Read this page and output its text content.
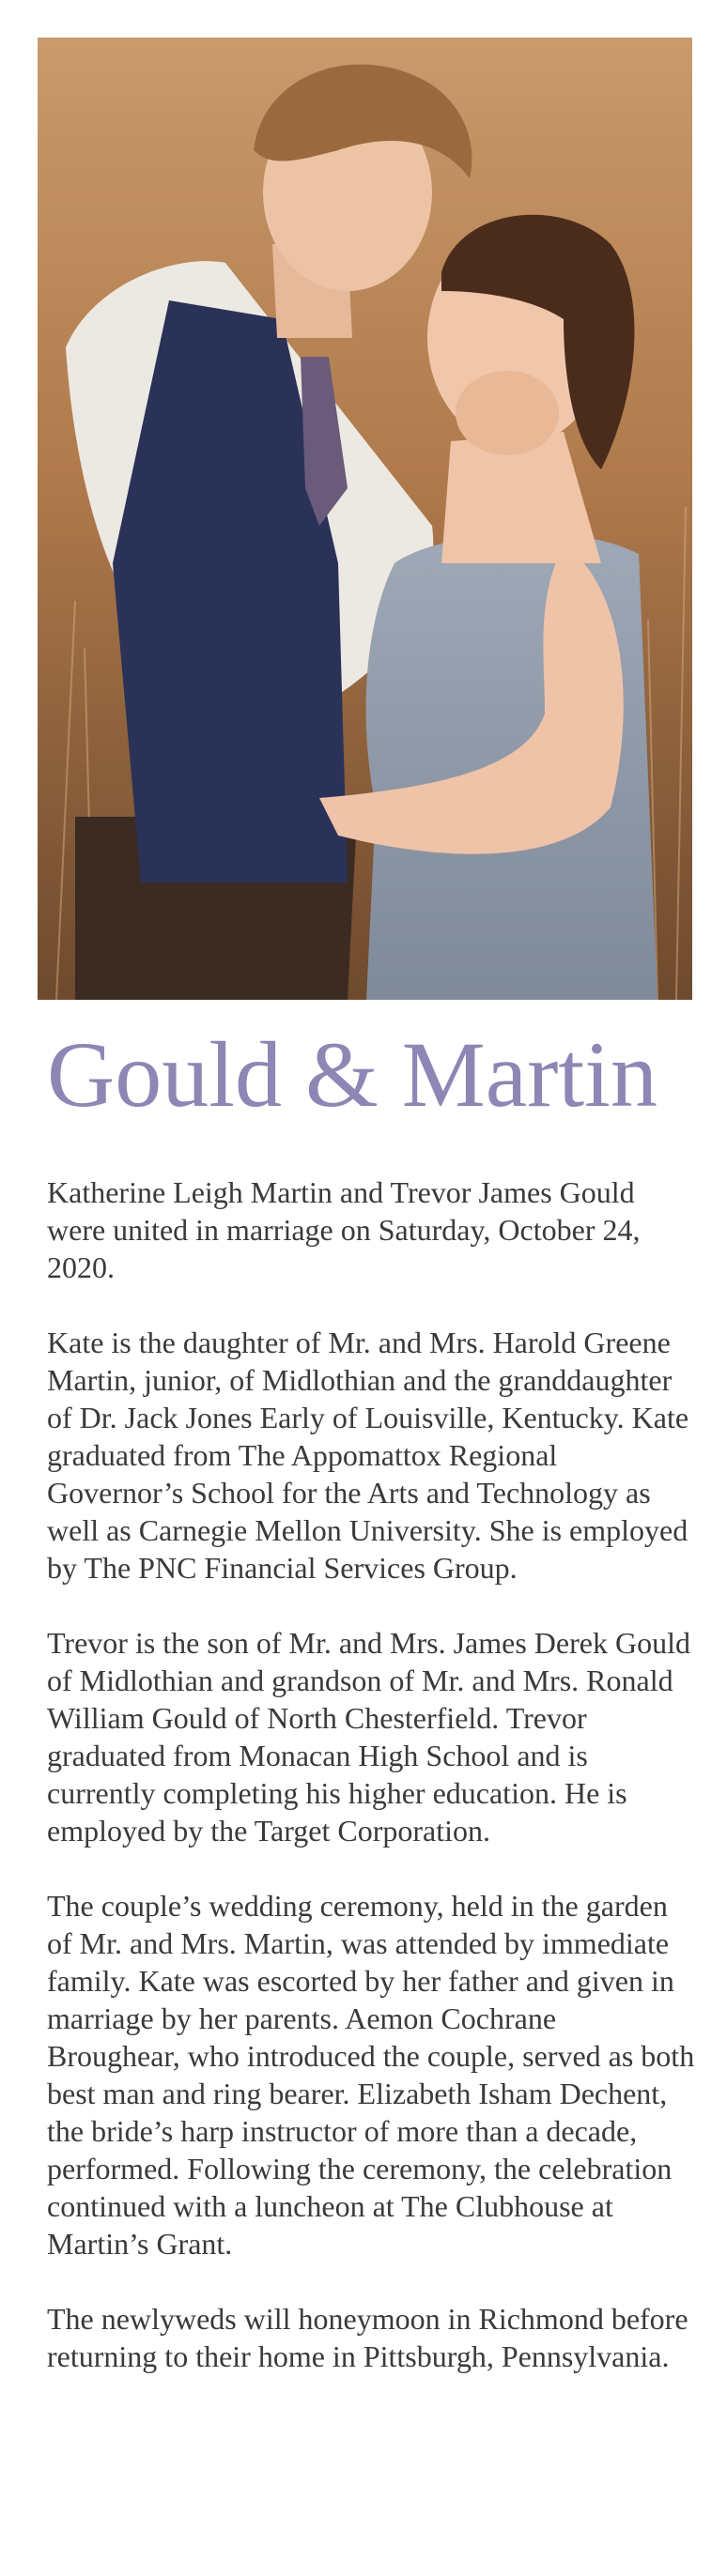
Gould & Martin

Katherine Leigh Martin and Trevor James Gould were united in marriage on Saturday, October 24, 2020.

Kate is the daughter of Mr. and Mrs. Harold Greene Martin, junior, of Midlothian and the granddaughter of Dr. Jack Jones Early of Louisville, Kentucky. Kate graduated from The Appomattox Regional Governor’s School for the Arts and Technology as well as Carnegie Mellon University. She is employed by The PNC Financial Services Group.

Trevor is the son of Mr. and Mrs. James Derek Gould of Midlothian and grandson of Mr. and Mrs. Ronald William Gould of North Chesterfield. Trevor graduated from Monacan High School and is currently completing his higher education. He is employed by the Target Corporation.

The couple’s wedding ceremony, held in the garden of Mr. and Mrs. Martin, was attended by immediate family. Kate was escorted by her father and given in marriage by her parents. Aemon Cochrane Broughear, who introduced the couple, served as both best man and ring bearer. Elizabeth Isham Dechent, the bride’s harp instructor of more than a decade, performed. Following the ceremony, the celebration continued with a luncheon at The Clubhouse at Martin’s Grant.

The newlyweds will honeymoon in Richmond before returning to their home in Pittsburgh, Pennsylvania.
